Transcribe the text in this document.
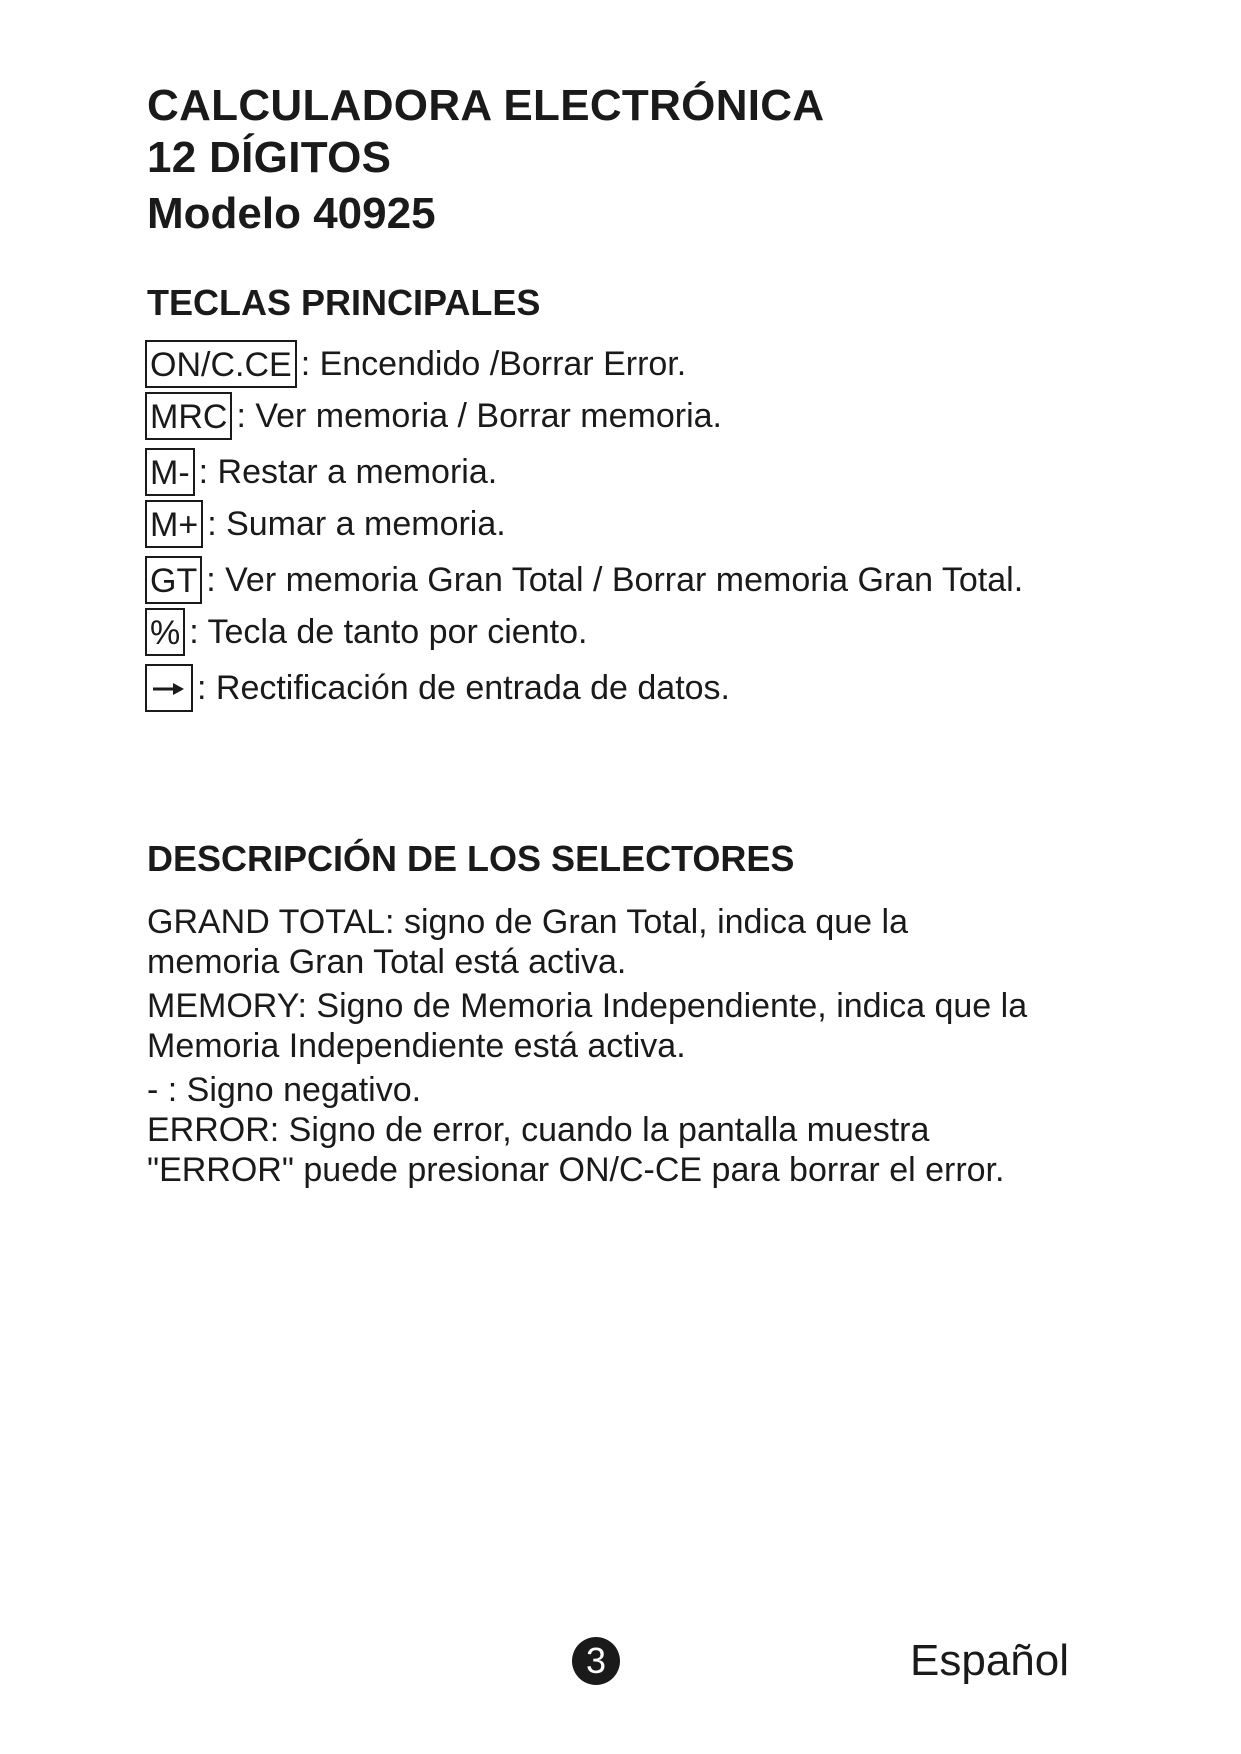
CALCULADORA ELECTRÓNICA
12 DÍGITOS
Modelo 40925
TECLAS PRINCIPALES
ON/C.CE : Encendido /Borrar Error.
MRC : Ver memoria / Borrar memoria.
M- : Restar a memoria.
M+ : Sumar a memoria.
GT : Ver memoria Gran Total / Borrar memoria Gran Total.
% : Tecla de tanto por ciento.
: Rectificación de entrada de datos.
DESCRIPCIÓN DE LOS SELECTORES

GRAND TOTAL: signo de Gran Total, indica que la memoria Gran Total está activa.

MEMORY: Signo de Memoria Independiente, indica que la Memoria Independiente está activa.

- : Signo negativo.

ERROR: Signo de error, cuando la pantalla muestra "ERROR" puede presionar ON/C-CE para borrar el error.

3	Español
